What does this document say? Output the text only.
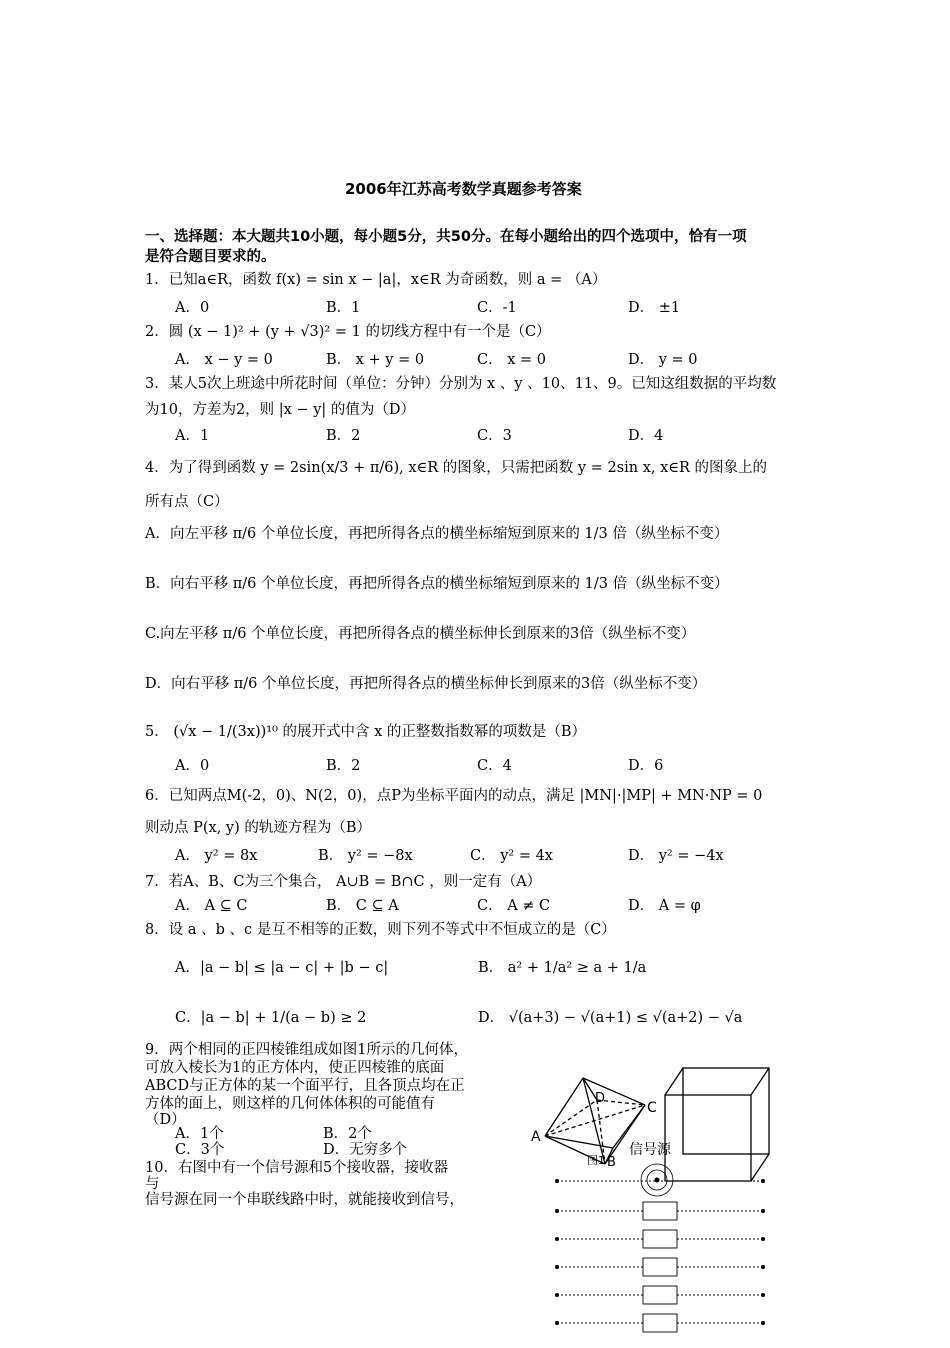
2006年江苏高考数学真题参考答案
一、选择题：本大题共10小题，每小题5分，共50分。在每小题给出的四个选项中，恰有一项
是符合题目要求的。
1．已知a∈R，函数 f(x) = sin x − |a|，x∈R 为奇函数，则 a = （A）
A．0	B．1	C．-1	D． ±1
2．圆 (x − 1)² + (y + √3)² = 1 的切线方程中有一个是（C）
A． x − y = 0	B． x + y = 0	C． x = 0	D． y = 0
3．某人5次上班途中所花时间（单位：分钟）分别为 x 、y 、10、11、9。已知这组数据的平均数
为10，方差为2，则 |x − y| 的值为（D）
A．1	B．2	C．3	D．4
4．为了得到函数 y = 2sin(x/3 + π/6), x∈R 的图象，只需把函数 y = 2sin x, x∈R 的图象上的
所有点（C）
A．向左平移 π/6 个单位长度，再把所得各点的横坐标缩短到原来的 1/3 倍（纵坐标不变）
B．向右平移 π/6 个单位长度，再把所得各点的横坐标缩短到原来的 1/3 倍（纵坐标不变）
C.向左平移 π/6 个单位长度，再把所得各点的横坐标伸长到原来的3倍（纵坐标不变）
D．向右平移 π/6 个单位长度，再把所得各点的横坐标伸长到原来的3倍（纵坐标不变）
5． (√x − 1/(3x))¹⁰ 的展开式中含 x 的正整数指数幂的项数是（B）
A．0	B．2	C．4	D．6
6．已知两点M(-2，0)、N(2，0)，点P为坐标平面内的动点，满足 |MN|·|MP| + MN·NP = 0
则动点 P(x, y) 的轨迹方程为（B）
A． y² = 8x	B． y² = −8x	C． y² = 4x	D． y² = −4x
7．若A、B、C为三个集合， A∪B = B∩C ，则一定有（A）
A． A ⊆ C	B． C ⊆ A	C． A ≠ C	D． A = φ
8．设 a 、b 、c 是互不相等的正数，则下列不等式中不恒成立的是（C）
A．|a − b| ≤ |a − c| + |b − c|	B． a² + 1/a² ≥ a + 1/a
C．|a − b| + 1/(a − b) ≥ 2	D． √(a+3) − √(a+1) ≤ √(a+2) − √a
9．两个相同的正四棱锥组成如图1所示的几何体，
可放入棱长为1的正方体内，使正四棱锥的底面
ABCD与正方体的某一个面平行，且各顶点均在正
方体的面上，则这样的几何体体积的可能值有
（D）
A．1个	B．2个
C．3个	D．无穷多个
10．右图中有一个信号源和5个接收器，接收器
与
信号源在同一个串联线路中时，就能接收到信号，
A
D
C
B
图1
信号源
